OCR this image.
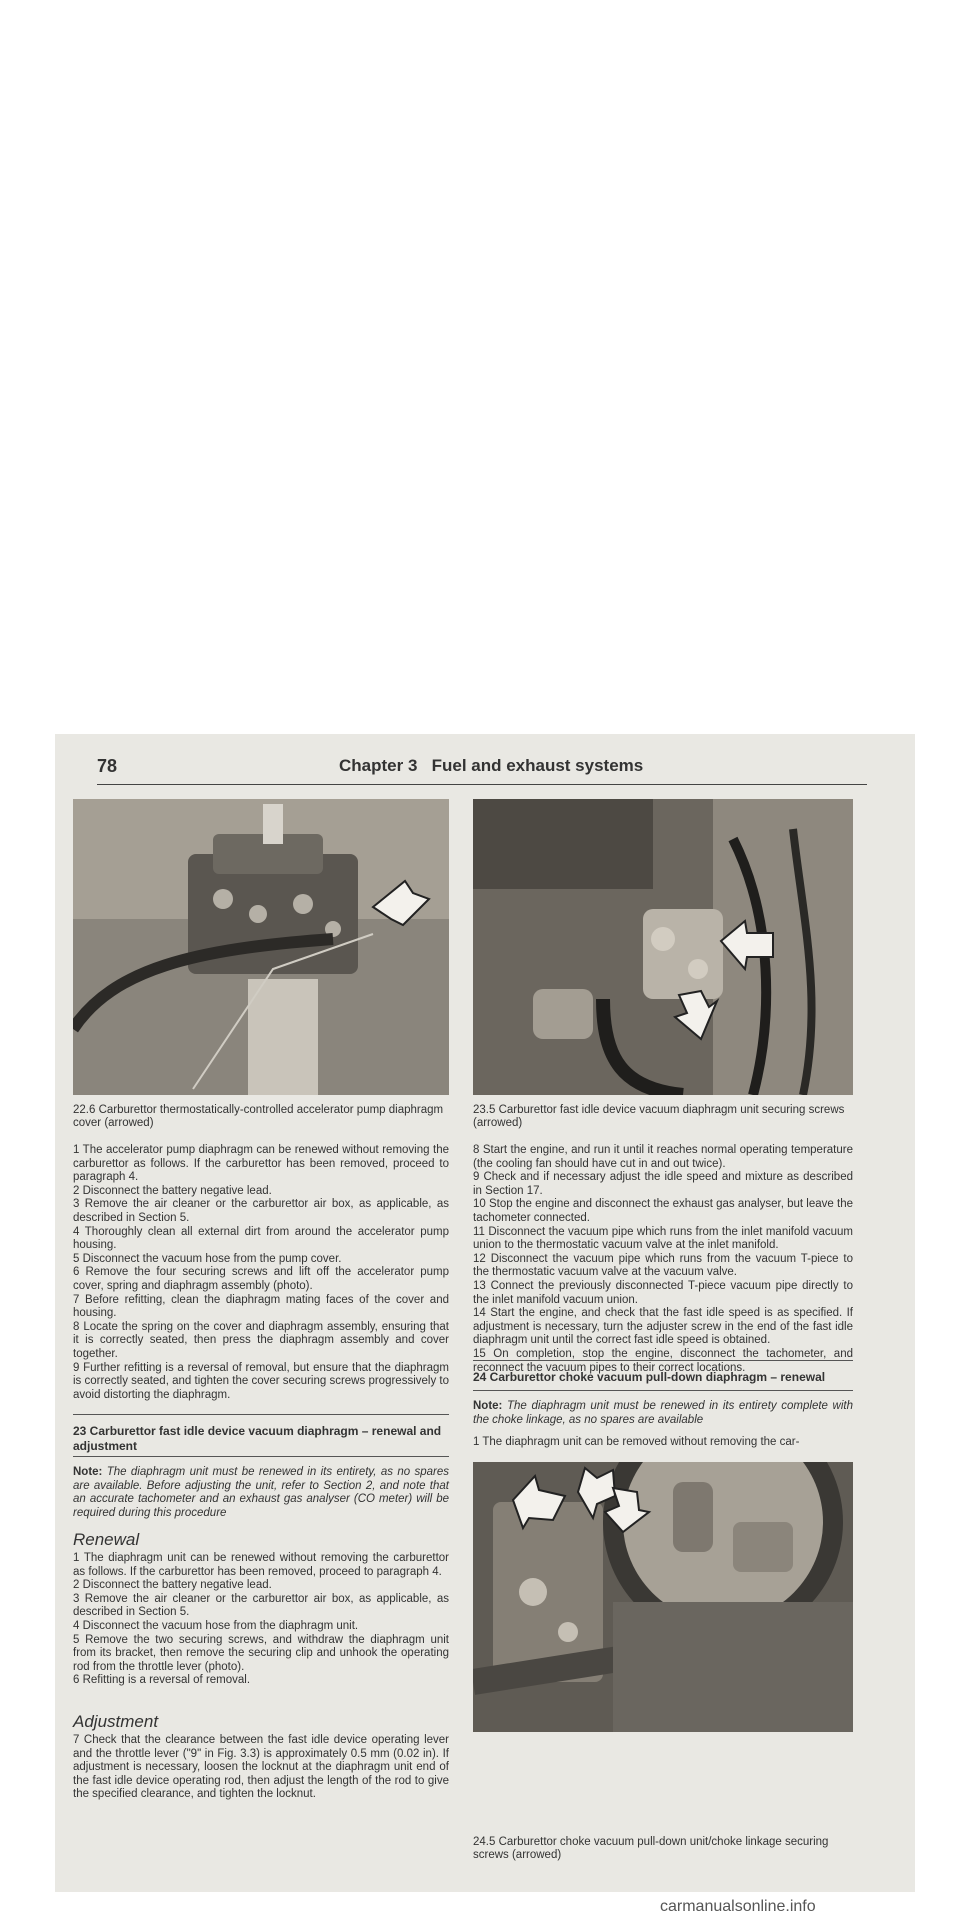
78	Chapter 3 Fuel and exhaust systems
22.6 Carburettor thermostatically-controlled accelerator pump diaphragm cover (arrowed)
23.5 Carburettor fast idle device vacuum diaphragm unit securing screws (arrowed)

1 The accelerator pump diaphragm can be renewed without removing the carburettor as follows. If the carburettor has been removed, proceed to paragraph 4.

2 Disconnect the battery negative lead.

3 Remove the air cleaner or the carburettor air box, as applicable, as described in Section 5.

4 Thoroughly clean all external dirt from around the accelerator pump housing.

5 Disconnect the vacuum hose from the pump cover.

6 Remove the four securing screws and lift off the accelerator pump cover, spring and diaphragm assembly (photo).

7 Before refitting, clean the diaphragm mating faces of the cover and housing.

8 Locate the spring on the cover and diaphragm assembly, ensuring that it is correctly seated, then press the diaphragm assembly and cover together.

9 Further refitting is a reversal of removal, but ensure that the diaphragm is correctly seated, and tighten the cover securing screws progressively to avoid distorting the diaphragm.

23 Carburettor fast idle device vacuum diaphragm – renewal and adjustment
Note: The diaphragm unit must be renewed in its entirety, as no spares are available. Before adjusting the unit, refer to Section 2, and note that an accurate tachometer and an exhaust gas analyser (CO meter) will be required during this procedure
Renewal

1 The diaphragm unit can be renewed without removing the carburettor as follows. If the carburettor has been removed, proceed to paragraph 4.

2 Disconnect the battery negative lead.

3 Remove the air cleaner or the carburettor air box, as applicable, as described in Section 5.

4 Disconnect the vacuum hose from the diaphragm unit.

5 Remove the two securing screws, and withdraw the diaphragm unit from its bracket, then remove the securing clip and unhook the operating rod from the throttle lever (photo).

6 Refitting is a reversal of removal.

Adjustment

7 Check that the clearance between the fast idle device operating lever and the throttle lever ("9" in Fig. 3.3) is approximately 0.5 mm (0.02 in). If adjustment is necessary, loosen the locknut at the diaphragm unit end of the fast idle device operating rod, then adjust the length of the rod to give the specified clearance, and tighten the locknut.

8 Start the engine, and run it until it reaches normal operating temperature (the cooling fan should have cut in and out twice).

9 Check and if necessary adjust the idle speed and mixture as described in Section 17.

10 Stop the engine and disconnect the exhaust gas analyser, but leave the tachometer connected.

11 Disconnect the vacuum pipe which runs from the inlet manifold vacuum union to the thermostatic vacuum valve at the inlet manifold.

12 Disconnect the vacuum pipe which runs from the vacuum T-piece to the thermostatic vacuum valve at the vacuum valve.

13 Connect the previously disconnected T-piece vacuum pipe directly to the inlet manifold vacuum union.

14 Start the engine, and check that the fast idle speed is as specified. If adjustment is necessary, turn the adjuster screw in the end of the fast idle diaphragm unit until the correct fast idle speed is obtained.

15 On completion, stop the engine, disconnect the tachometer, and reconnect the vacuum pipes to their correct locations.

24 Carburettor choke vacuum pull-down diaphragm – renewal
Note: The diaphragm unit must be renewed in its entirety complete with the choke linkage, as no spares are available

1 The diaphragm unit can be removed without removing the car-

24.5 Carburettor choke vacuum pull-down unit/choke linkage securing screws (arrowed)
carmanualsonline.info
